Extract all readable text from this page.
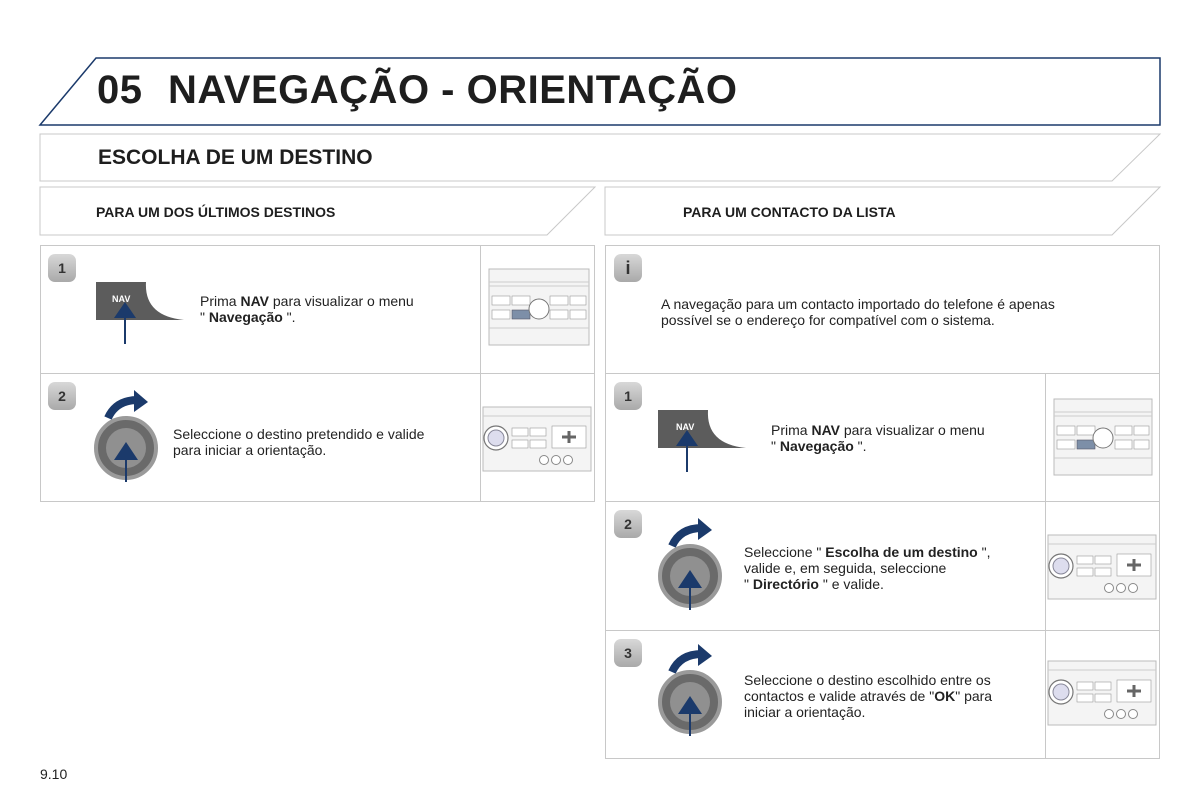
05 NAVEGAÇÃO - ORIENTAÇÃO
ESCOLHA DE UM DESTINO
PARA UM DOS ÚLTIMOS DESTINOS	PARA UM CONTACTO DA LISTA
1
NAV	Prima NAV para visualizar o menu
" Navegação ".
2
Seleccione o destino pretendido e valide
para iniciar a orientação.
i
A navegação para um contacto importado do telefone é apenas
possível se o endereço for compatível com o sistema.
1
NAV	Prima NAV para visualizar o menu
" Navegação ".
2
Seleccione " Escolha de um destino ",
valide e, em seguida, seleccione
" Directório " e valide.
3
Seleccione o destino escolhido entre os
contactos e valide através de "OK" para
iniciar a orientação.
9.10
